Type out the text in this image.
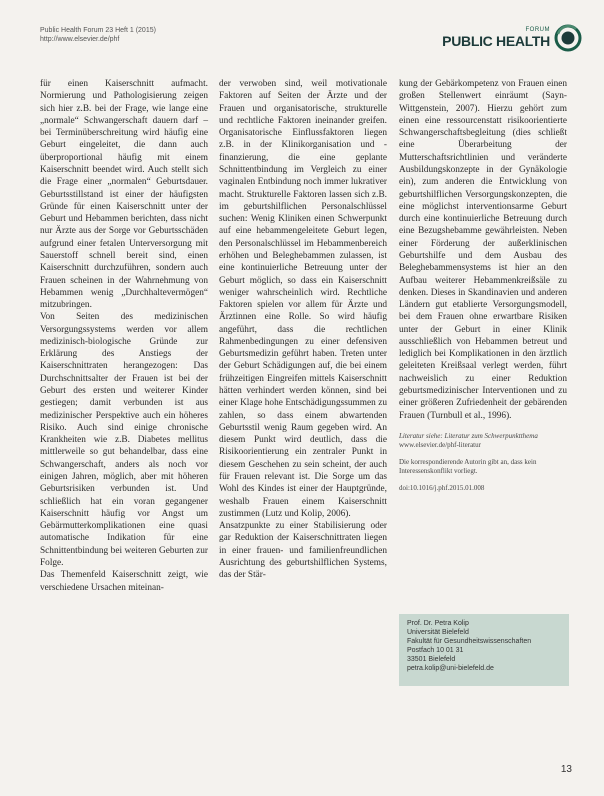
Public Health Forum 23 Heft 1 (2015)
http://www.elsevier.de/phf
FORUM
PUBLIC HEALTH

für einen Kaiserschnitt aufmacht. Normierung und Pathologisierung zeigen sich hier z.B. bei der Frage, wie lange eine „normale“ Schwangerschaft dauern darf – bei Terminüberschreitung wird häufig eine Geburt eingeleitet, die dann auch überproportional häufig mit einem Kaiserschnitt beendet wird. Auch stellt sich die Frage einer „normalen“ Geburtsdauer. Geburtsstillstand ist einer der häufigsten Gründe für einen Kaiserschnitt unter der Geburt und Hebammen berichten, dass nicht nur Ärzte aus der Sorge vor Geburtsschäden aufgrund einer fetalen Unterversorgung mit Sauerstoff schnell bereit sind, einen Kaiserschnitt durchzuführen, sondern auch Frauen scheinen in der Wahrnehmung von Hebammen wenig „Durchhaltevermögen“ mitzubringen.

Von Seiten des medizinischen Versorgungssystems werden vor allem medizinisch-biologische Gründe zur Erklärung des Anstiegs der Kaiserschnittraten herangezogen: Das Durchschnittsalter der Frauen ist bei der Geburt des ersten und weiterer Kinder gestiegen; damit verbunden ist aus medizinischer Perspektive auch ein höheres Risiko. Auch sind einige chronische Krankheiten wie z.B. Diabetes mellitus mittlerweile so gut behandelbar, dass eine Schwangerschaft, anders als noch vor einigen Jahren, möglich, aber mit höheren Geburtsrisiken verbunden ist. Und schließlich hat ein voran gegangener Kaiserschnitt häufig vor Angst um Gebärmutterkomplikationen eine quasi automatische Indikation für eine Schnittentbindung bei weiteren Geburten zur Folge.

Das Themenfeld Kaiserschnitt zeigt, wie verschiedene Ursachen miteinan-

der verwoben sind, weil motivationale Faktoren auf Seiten der Ärzte und der Frauen und organisatorische, strukturelle und rechtliche Faktoren ineinander greifen. Organisatorische Einflussfaktoren liegen z.B. in der Klinikorganisation und -finanzierung, die eine geplante Schnittentbindung im Vergleich zu einer vaginalen Entbindung noch immer lukrativer macht. Strukturelle Faktoren lassen sich z.B. im geburtshilflichen Personalschlüssel suchen: Wenig Kliniken einen Schwerpunkt auf eine hebammengeleitete Geburt legen, den Personalschlüssel im Hebammenbereich erhöhen und Beleghebammen zulassen, ist eine kontinuierliche Betreuung unter der Geburt möglich, so dass ein Kaiserschnitt weniger wahrscheinlich wird. Rechtliche Faktoren spielen vor allem für Ärzte und Ärztinnen eine Rolle. So wird häufig angeführt, dass die rechtlichen Rahmenbedingungen zu einer defensiven Geburtsmedizin geführt haben. Treten unter der Geburt Schädigungen auf, die bei einem frühzeitigen Eingreifen mittels Kaiserschnitt hätten verhindert werden können, sind bei einer Klage hohe Entschädigungssummen zu zahlen, so dass einem abwartenden Geburtsstil wenig Raum gegeben wird. An diesem Punkt wird deutlich, dass die Risikoorientierung ein zentraler Punkt in diesem Geschehen zu sein scheint, der auch für Frauen relevant ist. Die Sorge um das Wohl des Kindes ist einer der Hauptgründe, weshalb Frauen einem Kaiserschnitt zustimmen (Lutz und Kolip, 2006).

Ansatzpunkte zu einer Stabilisierung oder gar Reduktion der Kaiserschnittraten liegen in einer frauen- und familienfreundlichen Ausrichtung des geburtshilflichen Systems, das der Stär-

kung der Gebärkompetenz von Frauen einen großen Stellenwert einräumt (Sayn-Wittgenstein, 2007). Hierzu gehört zum einen eine ressourcenstatt risikoorientierte Schwangerschaftsbegleitung (dies schließt eine Überarbeitung der Mutterschaftsrichtlinien und veränderte Ausbildungskonzepte in der Gynäkologie ein), zum anderen die Entwicklung von geburtshilflichen Versorgungskonzepten, die eine möglichst interventionsarme Geburt durch eine kontinuierliche Betreuung durch eine Bezugshebamme gewährleisten. Neben einer Förderung der außerklinischen Geburtshilfe und dem Ausbau des Beleghebammensystems ist hier an den Aufbau weiterer Hebammenkreißsäle zu denken. Dieses in Skandinavien und anderen Ländern gut etablierte Versorgungsmodell, bei dem Frauen ohne erwartbare Risiken unter der Geburt in einer Klinik ausschließlich von Hebammen betreut und lediglich bei Komplikationen in den ärztlich geleiteten Kreißsaal verlegt werden, führt nachweislich zu einer Reduktion geburtsmedizinischer Interventionen und zu einer größeren Zufriedenheit der gebärenden Frauen (Turnbull et al., 1996).

Literatur siehe: Literatur zum Schwerpunktthema
www.elsevier.de/phf-literatur
Die korrespondierende Autorin gibt an, dass kein Interessenskonflikt vorliegt.
doi:10.1016/j.phf.2015.01.008
Prof. Dr. Petra Kolip
Universität Bielefeld
Fakultät für Gesundheitswissenschaften
Postfach 10 01 31
33501 Bielefeld
petra.kolip@uni-bielefeld.de
13
